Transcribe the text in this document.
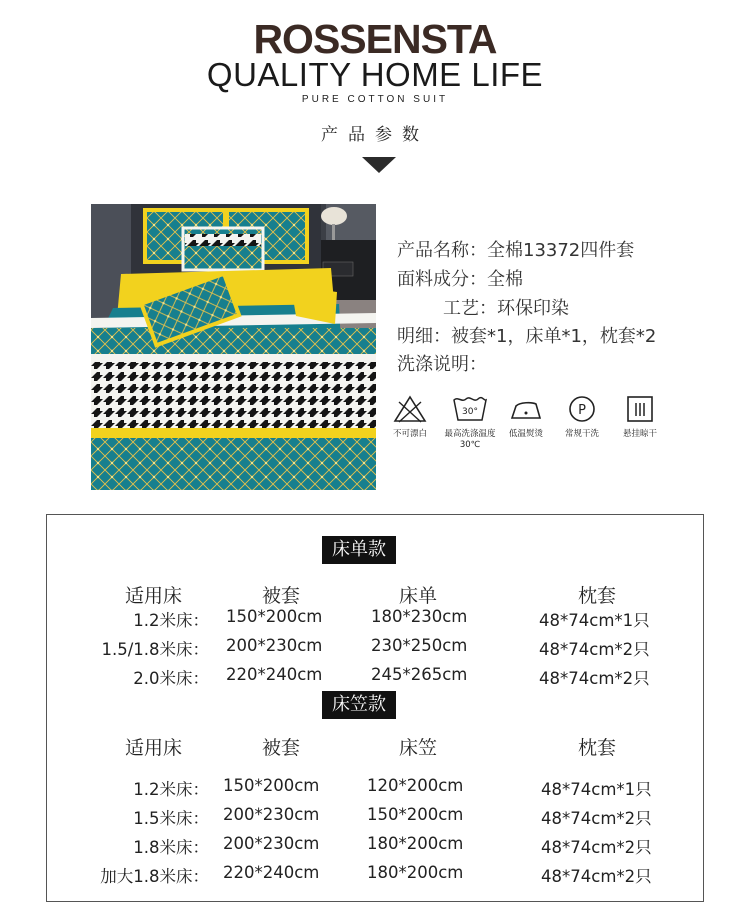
ROSSENSTA
QUALITY HOME LIFE
PURE COTTON SUIT
产品参数
产品名称：全棉13372四件套
面料成分：全棉
工艺：环保印染
明细：被套*1，床单*1，枕套*2
洗涤说明：
不可漂白
30°
最高洗涤温度30℃
低温熨烫
P
常规干洗	悬挂晾干
床单款
适用床	被套	床单	枕套
1.2米床： 150*200cm	180*230cm	48*74cm*1只
1.5/1.8米床： 200*230cm	230*250cm	48*74cm*2只
2.0米床： 220*240cm	245*265cm	48*74cm*2只
床笠款
适用床	被套	床笠	枕套
1.2米床： 150*200cm	120*200cm	48*74cm*1只
1.5米床： 200*230cm	150*200cm	48*74cm*2只
1.8米床： 200*230cm	180*200cm	48*74cm*2只
加大1.8米床： 220*240cm	180*200cm	48*74cm*2只
